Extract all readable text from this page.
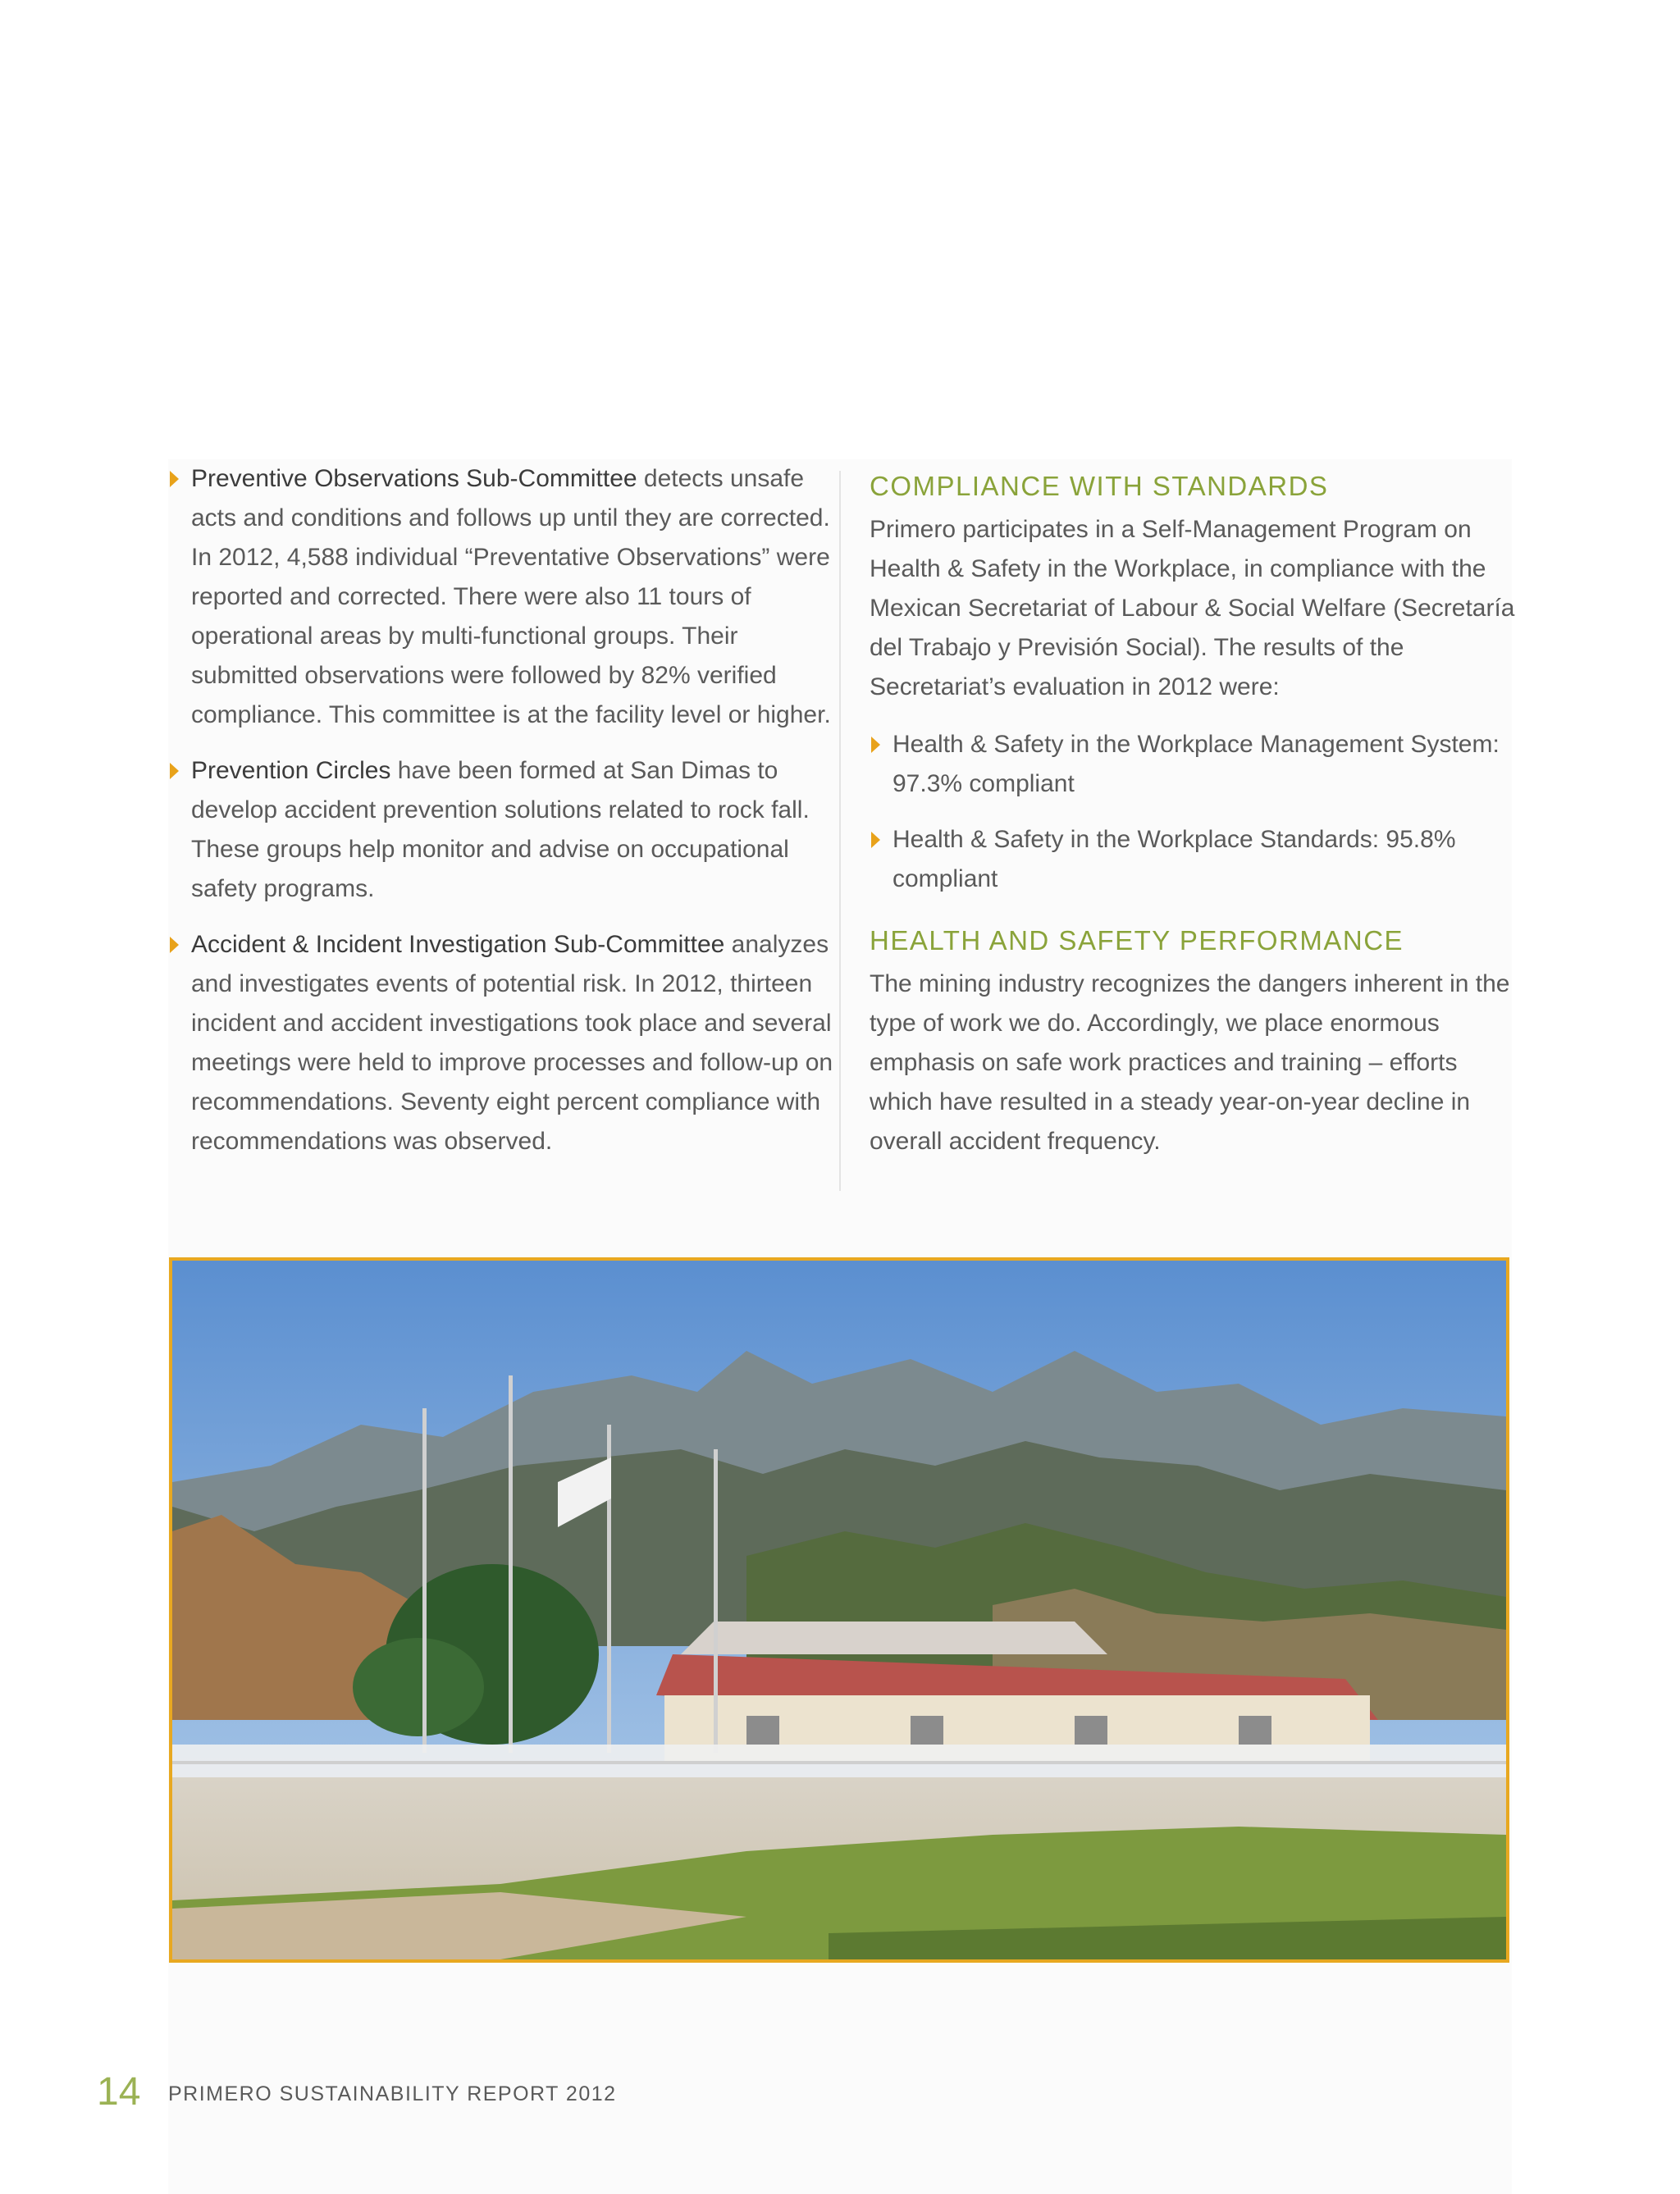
Preventive Observations Sub-Committee detects unsafe acts and conditions and follows up until they are corrected. In 2012, 4,588 individual “Preventative Observations” were reported and corrected. There were also 11 tours of operational areas by multi-functional groups. Their submitted observations were followed by 82% verified compliance. This committee is at the facility level or higher.

Prevention Circles have been formed at San Dimas to develop accident prevention solutions related to rock fall. These groups help monitor and advise on occupational safety programs.

Accident & Incident Investigation Sub-Committee analyzes and investigates events of potential risk. In 2012, thirteen incident and accident investigations took place and several meetings were held to improve processes and follow-up on recommendations. Seventy eight percent compliance with recommendations was observed.

COMPLIANCE WITH STANDARDS

Primero participates in a Self-Management Program on Health & Safety in the Workplace, in compliance with the Mexican Secretariat of Labour & Social Welfare (Secretaría del Trabajo y Previsión Social). The results of the Secretariat’s evaluation in 2012 were:

Health & Safety in the Workplace Management System: 97.3% compliant

Health & Safety in the Workplace Standards: 95.8% compliant

HEALTH AND SAFETY PERFORMANCE

The mining industry recognizes the dangers inherent in the type of work we do. Accordingly, we place enormous emphasis on safe work practices and training – efforts which have resulted in a steady year-on-year decline in overall accident frequency.

14 PRIMERO SUSTAINABILITY REPORT 2012
